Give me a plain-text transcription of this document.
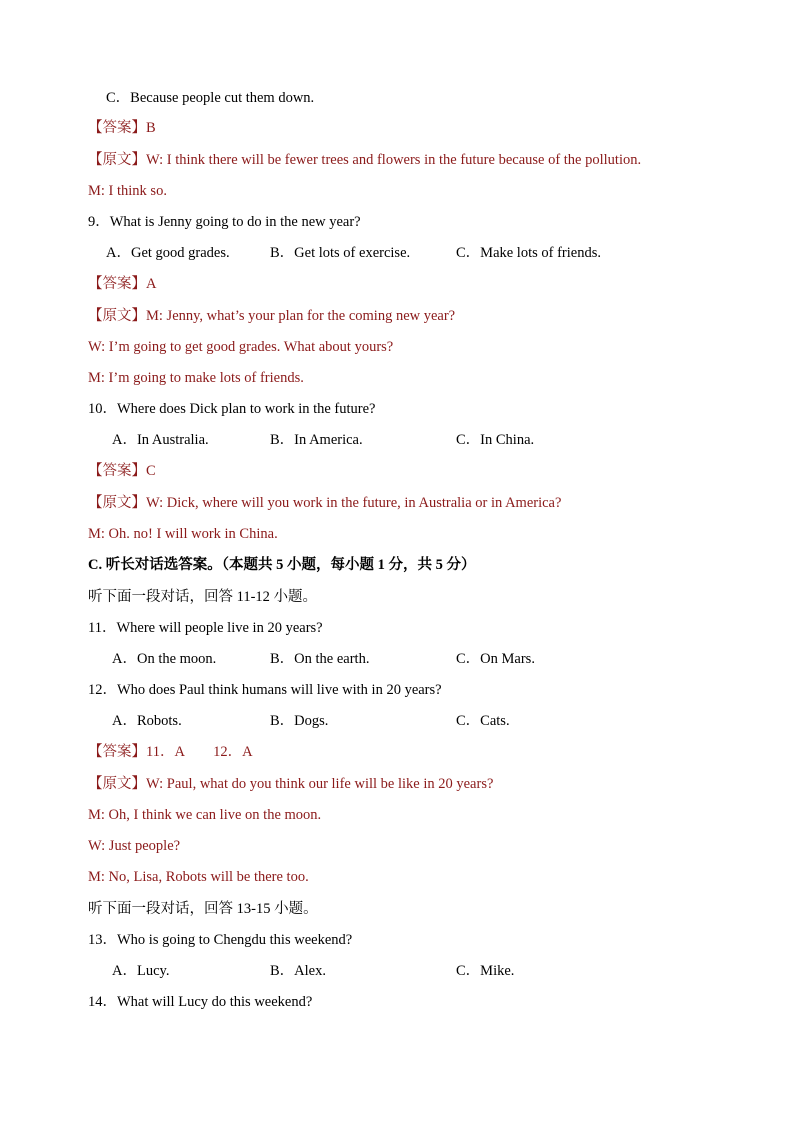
C．Because people cut them down.
【答案】B
【原文】W: I think there will be fewer trees and flowers in the future because of the pollution.
M: I think so.
9．What is Jenny going to do in the new year?
A．Get good grades.	B．Get lots of exercise.	C．Make lots of friends.
【答案】A
【原文】M: Jenny, what’s your plan for the coming new year?
W: I’m going to get good grades. What about yours?
M: I’m going to make lots of friends.
10．Where does Dick plan to work in the future?
A．In Australia.	B．In America.	C．In China.
【答案】C
【原文】W: Dick, where will you work in the future, in Australia or in America?
M: Oh. no! I will work in China.
C. 听长对话选答案。（本题共 5 小题，每小题 1 分，共 5 分）
听下面一段对话，回答 11-12 小题。
11．Where will people live in 20 years?
A．On the moon.	B．On the earth.	C．On Mars.
12．Who does Paul think humans will live with in 20 years?
A．Robots.	B．Dogs.	C．Cats.
【答案】11．A　　12．A
【原文】W: Paul, what do you think our life will be like in 20 years?
M: Oh, I think we can live on the moon.
W: Just people?
M: No, Lisa, Robots will be there too.
听下面一段对话，回答 13-15 小题。
13．Who is going to Chengdu this weekend?
A．Lucy.	B．Alex.	C．Mike.
14．What will Lucy do this weekend?
